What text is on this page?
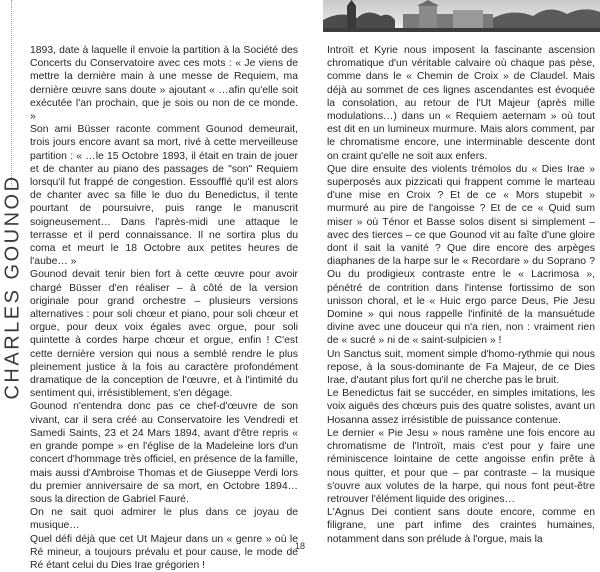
CHARLES GOUNOD

1893, date à laquelle il envoie la partition à la Société des Concerts du Conservatoire avec ces mots : « Je viens de mettre la dernière main à une messe de Requiem, ma dernière œuvre sans doute » ajoutant « …afin qu'elle soit exécutée l'an prochain, que je sois ou non de ce monde. »

Son ami Büsser raconte comment Gounod demeurait, trois jours encore avant sa mort, rivé à cette merveilleuse partition : « …le 15 Octobre 1893, il était en train de jouer et de chanter au piano des passages de "son" Requiem lorsqu'il fut frappé de congestion. Essoufflé qu'il est alors de chanter avec sa fille le duo du Benedictus, il tente pourtant de poursuivre, puis range le manuscrit soigneusement… Dans l'après-midi une attaque le terrasse et il perd connaissance. Il ne sortira plus du coma et meurt le 18 Octobre aux petites heures de l'aube… »

Gounod devait tenir bien fort à cette œuvre pour avoir chargé Büsser d'en réaliser – à côté de la version originale pour grand orchestre – plusieurs versions alternatives : pour soli chœur et piano, pour soli chœur et orgue, pour deux voix égales avec orgue, pour soli quintette à cordes harpe chœur et orgue, enfin ! C'est cette dernière version qui nous a semblé rendre le plus pleinement justice à la fois au caractère profondément dramatique de la conception de l'œuvre, et à l'intimité du sentiment qui, irrésistiblement, s'en dégage.

Gounod n'entendra donc pas ce chef-d'œuvre de son vivant, car il sera créé au Conservatoire les Vendredi et Samedi Saints, 23 et 24 Mars 1894, avant d'être repris « en grande pompe » en l'église de la Madeleine lors d'un concert d'hommage très officiel, en présence de la famille, mais aussi d'Ambroise Thomas et de Giuseppe Verdi lors du premier anniversaire de sa mort, en Octobre 1894… sous la direction de Gabriel Fauré.

On ne sait quoi admirer le plus dans ce joyau de musique…

Quel défi déjà que cet Ut Majeur dans un « genre » où le Ré mineur, a toujours prévalu et pour cause, le mode de Ré étant celui du Dies Irae grégorien !

Introït et Kyrie nous imposent la fascinante ascension chromatique d'un véritable calvaire où chaque pas pèse, comme dans le « Chemin de Croix » de Claudel. Mais déjà au sommet de ces lignes ascendantes est évoquée la consolation, au retour de l'Ut Majeur (après mille modulations…) dans un « Requiem aeternam » où tout est dit en un lumineux murmure. Mais alors comment, par le chromatisme encore, une interminable descente dont on craint qu'elle ne soit aux enfers.

Que dire ensuite des violents trémolos du « Dies Irae » superposés aux pizzicati qui frappent comme le marteau d'une mise en Croix ? Et de ce « Mors stupebit » murmuré au pire de l'angoisse ? Et de ce « Quid sum miser » où Ténor et Basse solos disent si simplement – avec des tierces – ce que Gounod vit au faîte d'une gloire dont il sait la vanité ? Que dire encore des arpèges diaphanes de la harpe sur le « Recordare » du Soprano ? Ou du prodigieux contraste entre le « Lacrimosa », pénétré de contrition dans l'intense fortissimo de son unisson choral, et le « Huic ergo parce Deus, Pie Jesu Domine » qui nous rappelle l'infinité de la mansuétude divine avec une douceur qui n'a rien, non : vraiment rien de « sucré » ni de « saint-sulpicien » !

Un Sanctus suit, moment simple d'homo-rythmie qui nous repose, à la sous-dominante de Fa Majeur, de ce Dies Irae, d'autant plus fort qu'il ne cherche pas le bruit.

Le Benedictus fait se succéder, en simples imitations, les voix aiguës des chœurs puis des quatre solistes, avant un Hosanna assez irrésistible de puissance contenue.

Le dernier « Pie Jesu » nous ramène une fois encore au chromatisme de l'Introït, mais c'est pour y faire une réminiscence lointaine de cette angoisse enfin prête à nous quitter, et pour que – par contraste – la musique s'ouvre aux volutes de la harpe, qui nous font peut-être retrouver l'élément liquide des origines…

L'Agnus Dei contient sans doute encore, comme en filigrane, une part infime des craintes humaines, notamment dans son prélude à l'orgue, mais la

18
